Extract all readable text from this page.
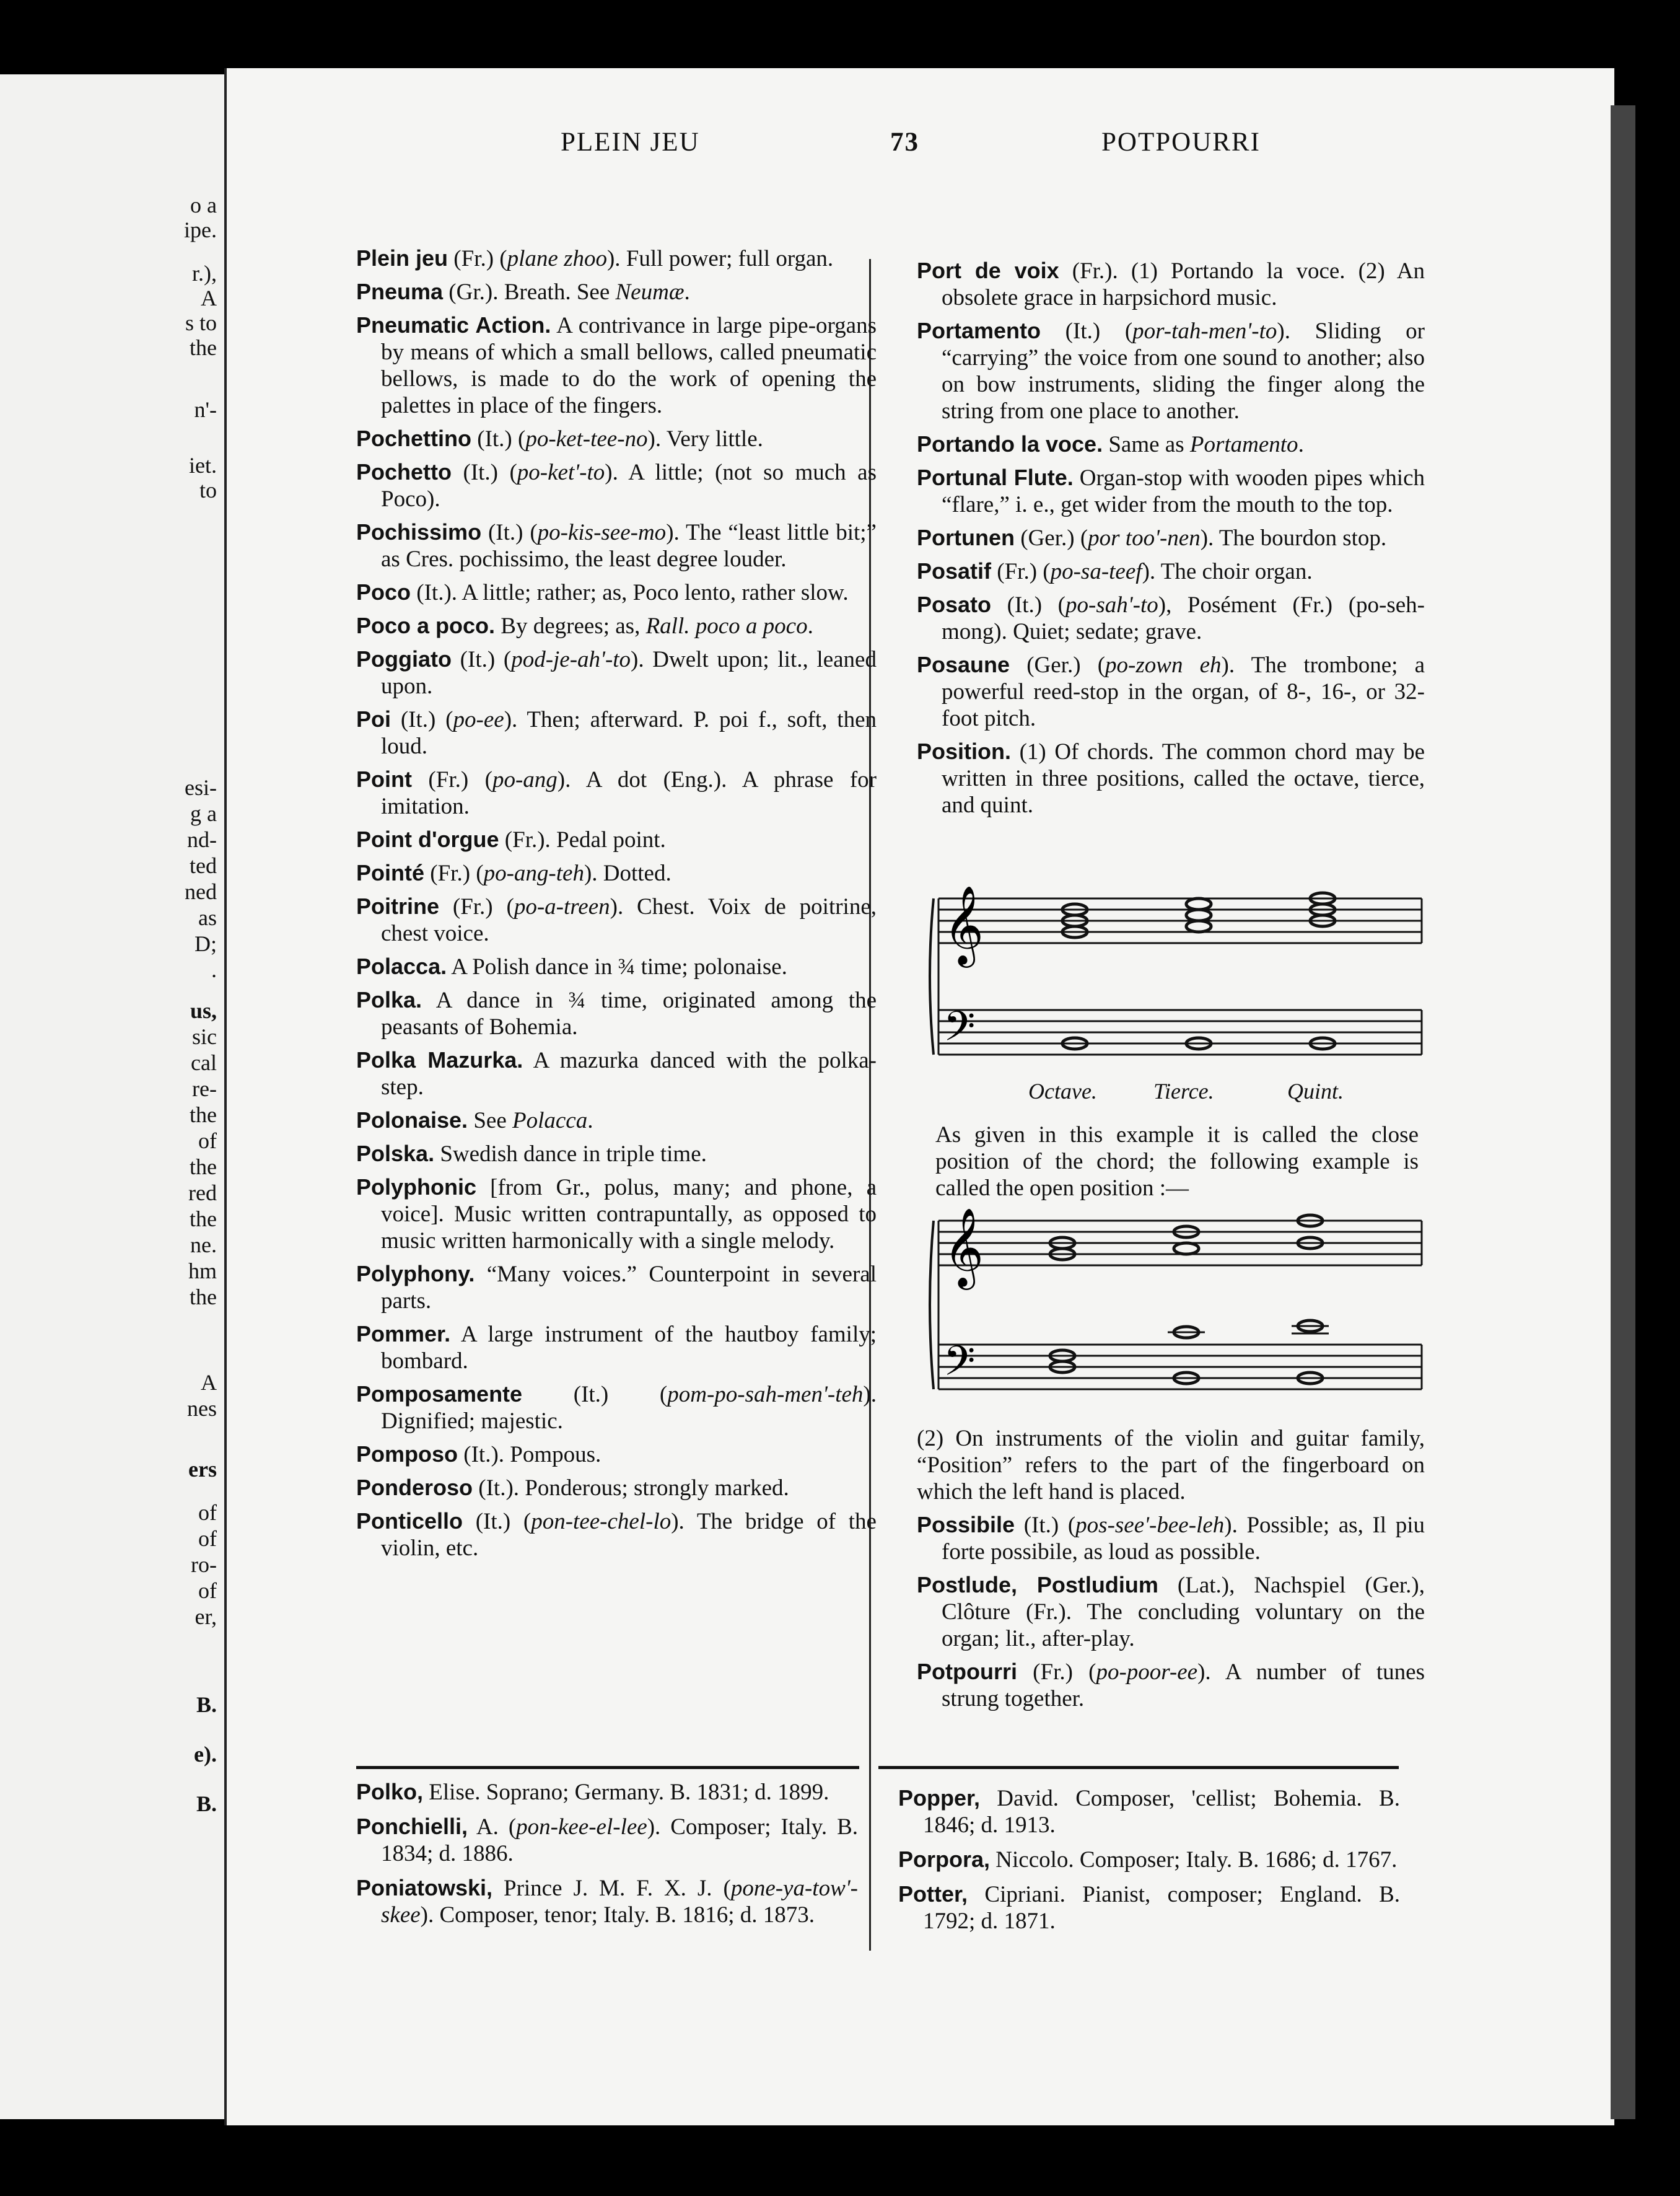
o a
ipe.
r.),
A
s to
the
n'-
iet.
to
esi-
g a
nd-
ted
ned
as
D;
.
us,
sic
cal
re-
the
of
the
red
the
ne.
hm
the
A
nes
ers
of
of
ro-
of
er,
B.
e).
B.
PLEIN JEU	73	POTPOURRI
Plein jeu (Fr.) (plane zhoo). Full power; full organ.
Pneuma (Gr.). Breath. See Neumæ.
Pneumatic Action. A contrivance in large pipe-organs by means of which a small bellows, called pneumatic bellows, is made to do the work of opening the palettes in place of the fingers.
Pochettino (It.) (po-ket-tee-no). Very little.
Pochetto (It.) (po-ket'-to). A little; (not so much as Poco).
Pochissimo (It.) (po-kis-see-mo). The “least little bit;” as Cres. pochissimo, the least degree louder.
Poco (It.). A little; rather; as, Poco lento, rather slow.
Poco a poco. By degrees; as, Rall. poco a poco.
Poggiato (It.) (pod-je-ah'-to). Dwelt upon; lit., leaned upon.
Poi (It.) (po-ee). Then; afterward. P. poi f., soft, then loud.
Point (Fr.) (po-ang). A dot (Eng.). A phrase for imitation.
Point d'orgue (Fr.). Pedal point.
Pointé (Fr.) (po-ang-teh). Dotted.
Poitrine (Fr.) (po-a-treen). Chest. Voix de poitrine, chest voice.
Polacca. A Polish dance in ¾ time; polonaise.
Polka. A dance in ¾ time, originated among the peasants of Bohemia.
Polka Mazurka. A mazurka danced with the polka-step.
Polonaise. See Polacca.
Polska. Swedish dance in triple time.
Polyphonic [from Gr., polus, many; and phone, a voice]. Music written contrapuntally, as opposed to music written harmonically with a single melody.
Polyphony. “Many voices.” Counterpoint in several parts.
Pommer. A large instrument of the hautboy family; bombard.
Pomposamente (It.) (pom-po-sah-men'-teh). Dignified; majestic.
Pomposo (It.). Pompous.
Ponderoso (It.). Ponderous; strongly marked.
Ponticello (It.) (pon-tee-chel-lo). The bridge of the violin, etc.
Port de voix (Fr.). (1) Portando la voce. (2) An obsolete grace in harpsichord music.
Portamento (It.) (por-tah-men'-to). Sliding or “carrying” the voice from one sound to another; also on bow instruments, sliding the finger along the string from one place to another.
Portando la voce. Same as Portamento.
Portunal Flute. Organ-stop with wooden pipes which “flare,” i. e., get wider from the mouth to the top.
Portunen (Ger.) (por too'-nen). The bourdon stop.
Posatif (Fr.) (po-sa-teef). The choir organ.
Posato (It.) (po-sah'-to), Posément (Fr.) (po-seh-mong). Quiet; sedate; grave.
Posaune (Ger.) (po-zown eh). The trombone; a powerful reed-stop in the organ, of 8-, 16-, or 32-foot pitch.
Position. (1) Of chords. The common chord may be written in three positions, called the octave, tierce, and quint.
𝄞
𝄢
Octave.	Tierce.	Quint.
As given in this example it is called the close position of the chord; the following example is called the open position :—
𝄞
𝄢
(2) On instruments of the violin and guitar family, “Position” refers to the part of the fingerboard on which the left hand is placed.
Possibile (It.) (pos-see'-bee-leh). Possible; as, Il piu forte possibile, as loud as possible.
Postlude, Postludium (Lat.), Nachspiel (Ger.), Clôture (Fr.). The concluding voluntary on the organ; lit., after-play.
Potpourri (Fr.) (po-poor-ee). A number of tunes strung together.
Polko, Elise. Soprano; Germany. B. 1831; d. 1899.
Ponchielli, A. (pon-kee-el-lee). Composer; Italy. B. 1834; d. 1886.
Poniatowski, Prince J. M. F. X. J. (pone-ya-tow'-skee). Composer, tenor; Italy. B. 1816; d. 1873.
Popper, David. Composer, 'cellist; Bohemia. B. 1846; d. 1913.
Porpora, Niccolo. Composer; Italy. B. 1686; d. 1767.
Potter, Cipriani. Pianist, composer; England. B. 1792; d. 1871.
